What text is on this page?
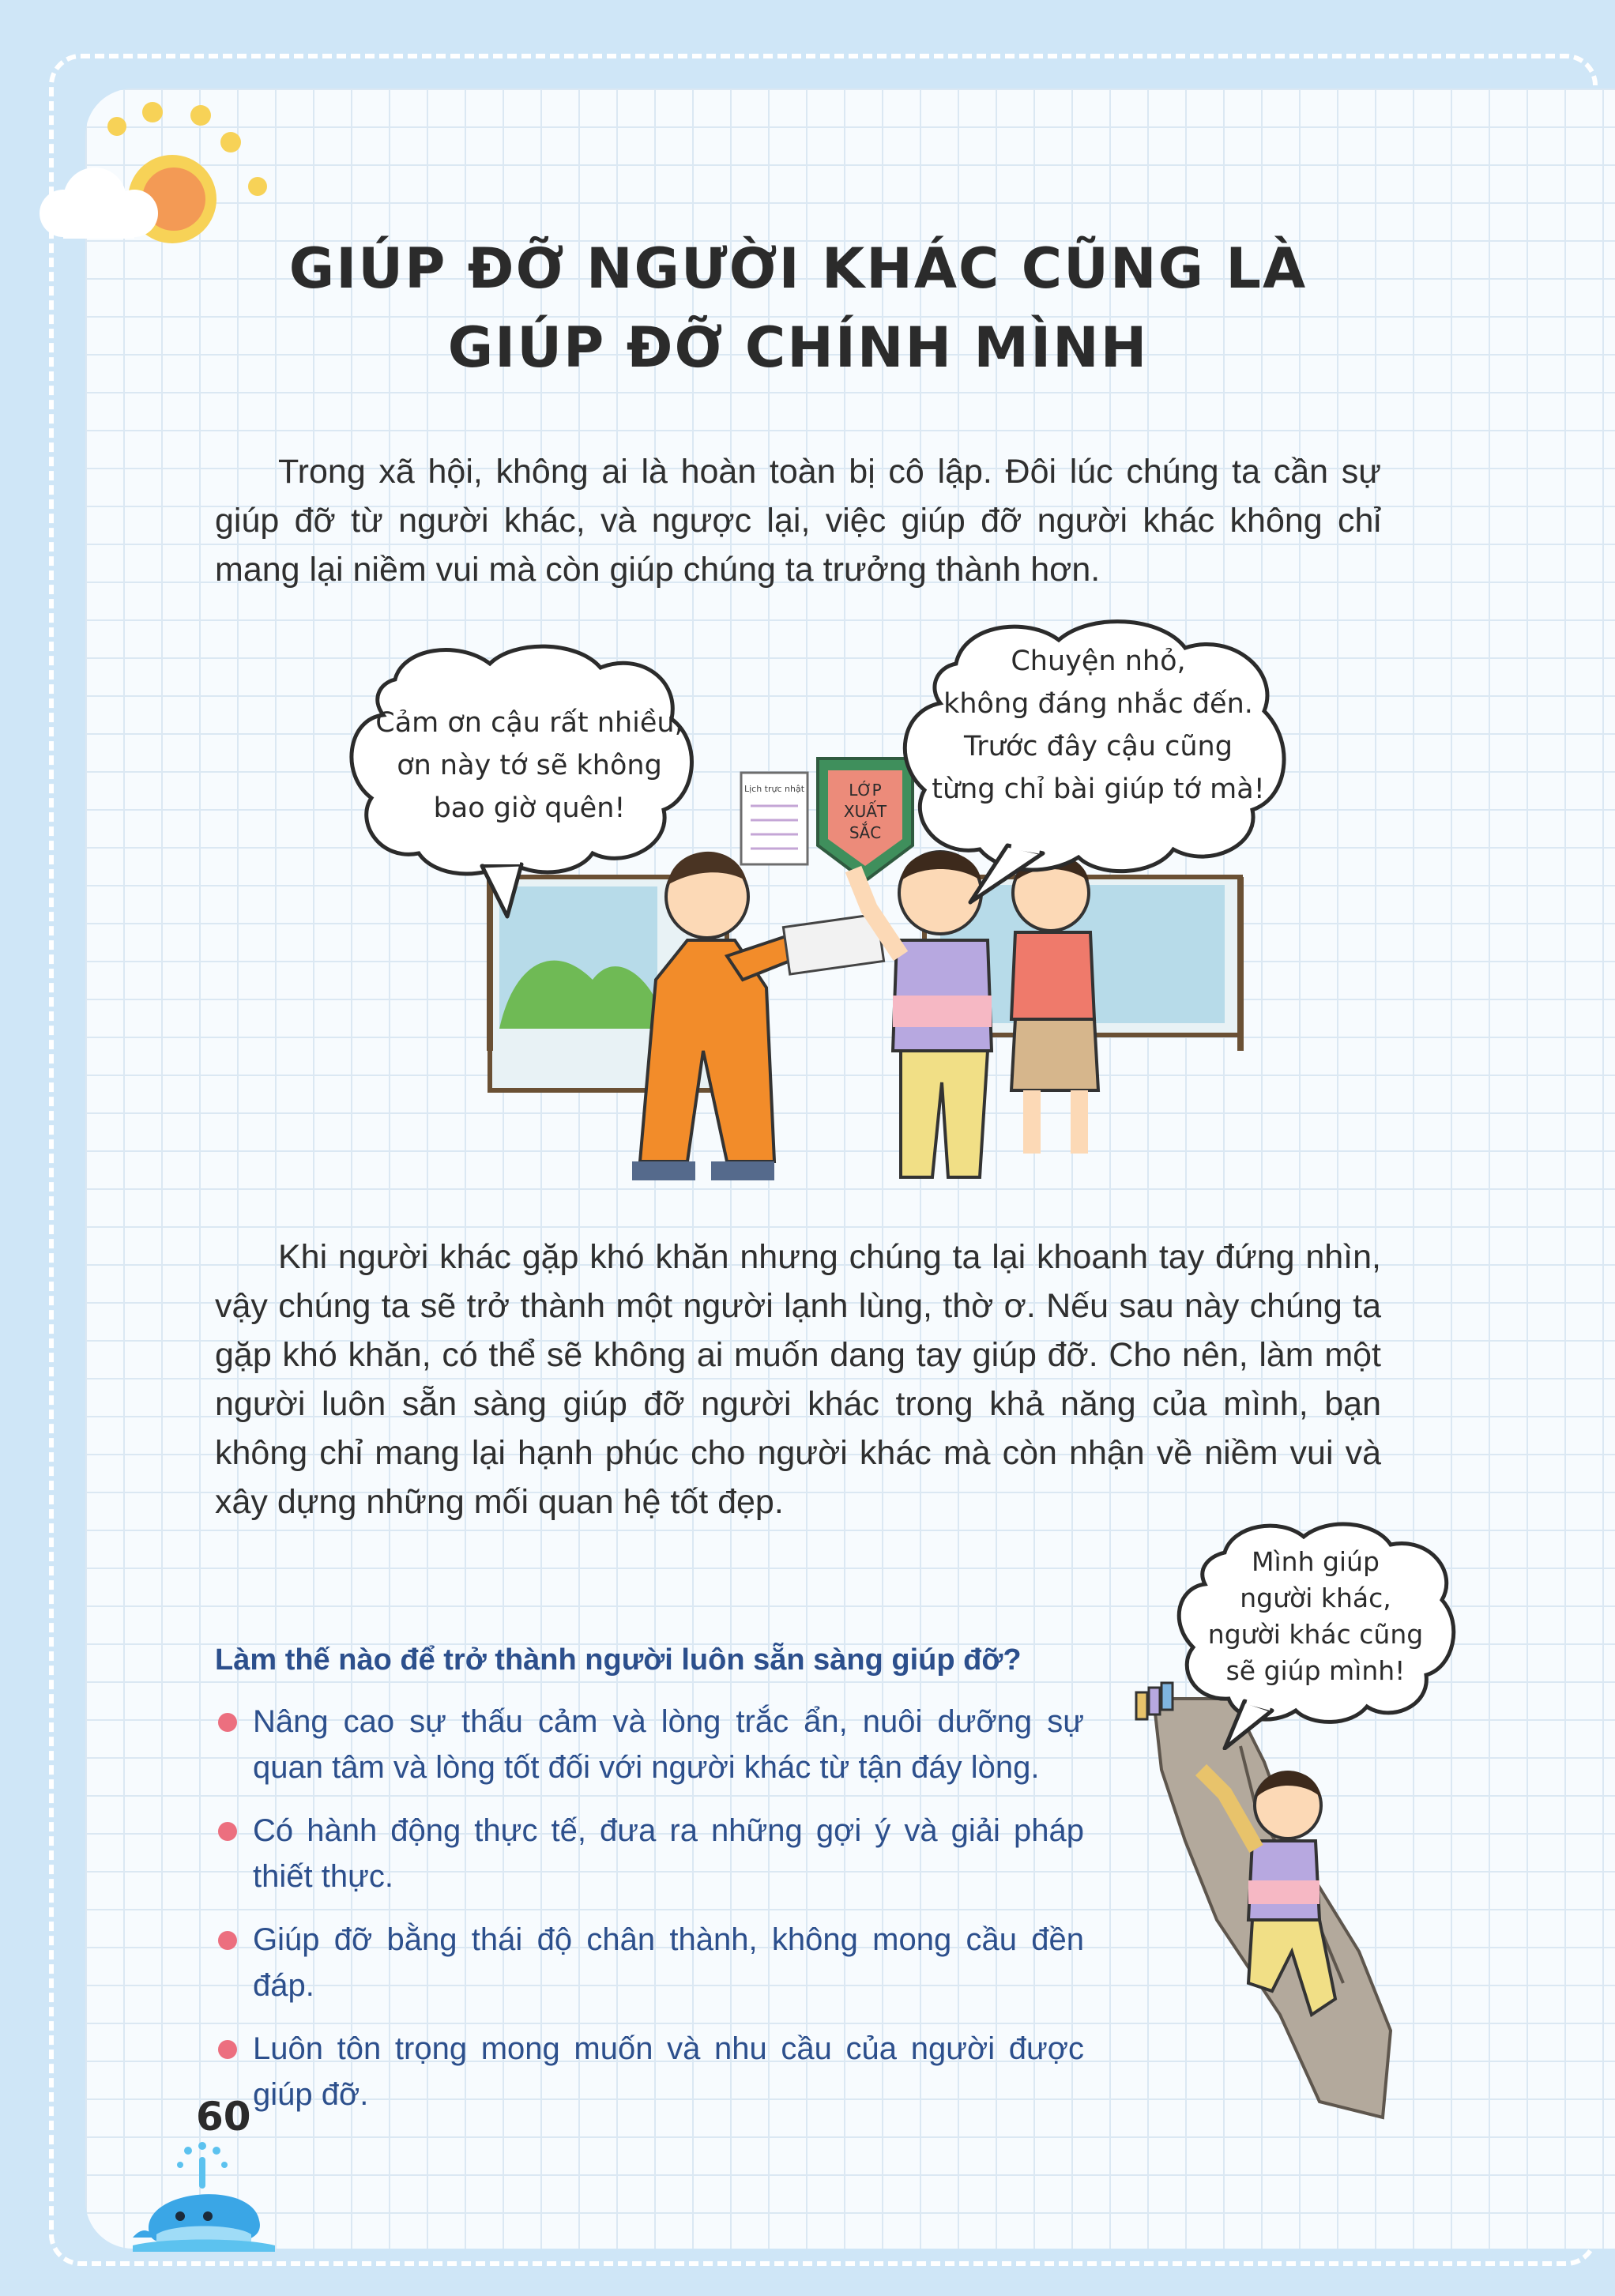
GIÚP ĐỠ NGƯỜI KHÁC CŨNG LÀ
GIÚP ĐỠ CHÍNH MÌNH

Trong xã hội, không ai là hoàn toàn bị cô lập. Đôi lúc chúng ta cần sự giúp đỡ từ người khác, và ngược lại, việc giúp đỡ người khác không chỉ mang lại niềm vui mà còn giúp chúng ta trưởng thành hơn.

Lịch trực nhật	LỚP
XUẤT
SẮC
Cảm ơn cậu rất nhiều,
ơn này tớ sẽ không
bao giờ quên!
Chuyện nhỏ,
không đáng nhắc đến.
Trước đây cậu cũng
từng chỉ bài giúp tớ mà!

Khi người khác gặp khó khăn nhưng chúng ta lại khoanh tay đứng nhìn, vậy chúng ta sẽ trở thành một người lạnh lùng, thờ ơ. Nếu sau này chúng ta gặp khó khăn, có thể sẽ không ai muốn dang tay giúp đỡ. Cho nên, làm một người luôn sẵn sàng giúp đỡ người khác trong khả năng của mình, bạn không chỉ mang lại hạnh phúc cho người khác mà còn nhận về niềm vui và xây dựng những mối quan hệ tốt đẹp.

Làm thế nào để trở thành người luôn sẵn sàng giúp đỡ?
Nâng cao sự thấu cảm và lòng trắc ẩn, nuôi dưỡng sự quan tâm và lòng tốt đối với người khác từ tận đáy lòng.
Có hành động thực tế, đưa ra những gợi ý và giải pháp thiết thực.
Giúp đỡ bằng thái độ chân thành, không mong cầu đền đáp.
Luôn tôn trọng mong muốn và nhu cầu của người được giúp đỡ.
Mình giúp
người khác,
người khác cũng
sẽ giúp mình!
60
